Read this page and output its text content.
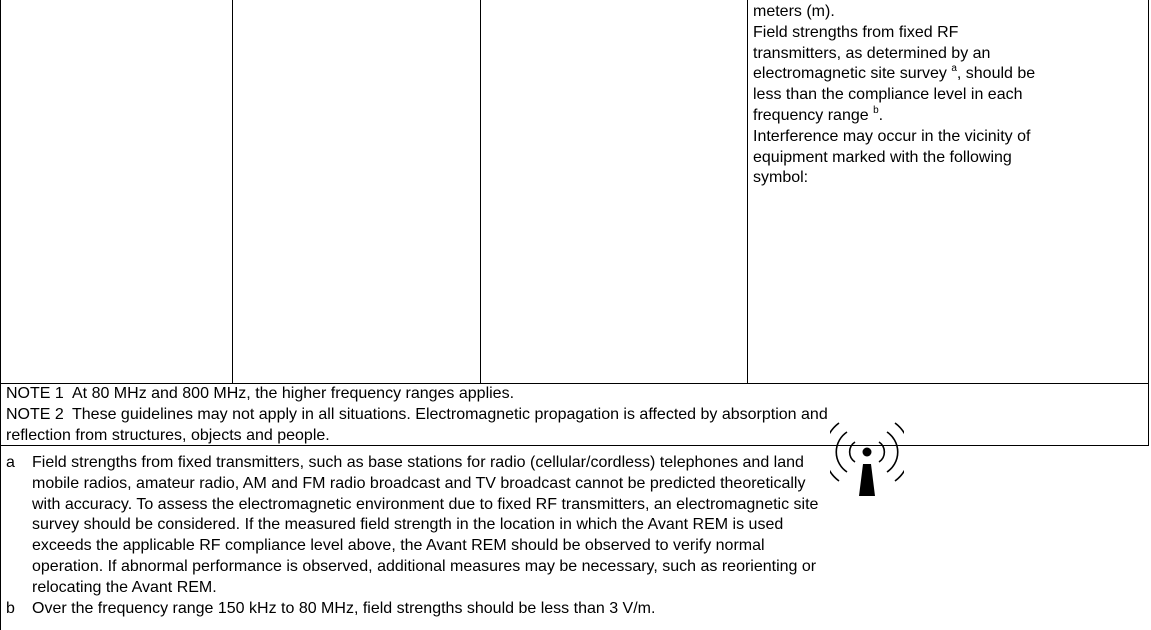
meters (m).
Field strengths from fixed RF
transmitters, as determined by an
electromagnetic site survey $^a$, should be
less than the compliance level in each
frequency range $^b$.
Interference may occur in the vicinity of
equipment marked with the following
symbol:
NOTE 1 At 80 MHz and 800 MHz, the higher frequency ranges applies.
NOTE 2 These guidelines may not apply in all situations. Electromagnetic propagation is affected by absorption and
reflection from structures, objects and people.
a Field strengths from fixed transmitters, such as base stations for radio (cellular/cordless) telephones and land
mobile radios, amateur radio, AM and FM radio broadcast and TV broadcast cannot be predicted theoretically
with accuracy. To assess the electromagnetic environment due to fixed RF transmitters, an electromagnetic site
survey should be considered. If the measured field strength in the location in which the Avant REM is used
exceeds the applicable RF compliance level above, the Avant REM should be observed to verify normal
operation. If abnormal performance is observed, additional measures may be necessary, such as reorienting or
relocating the Avant REM.
b Over the frequency range 150 kHz to 80 MHz, field strengths should be less than 3 V/m.
